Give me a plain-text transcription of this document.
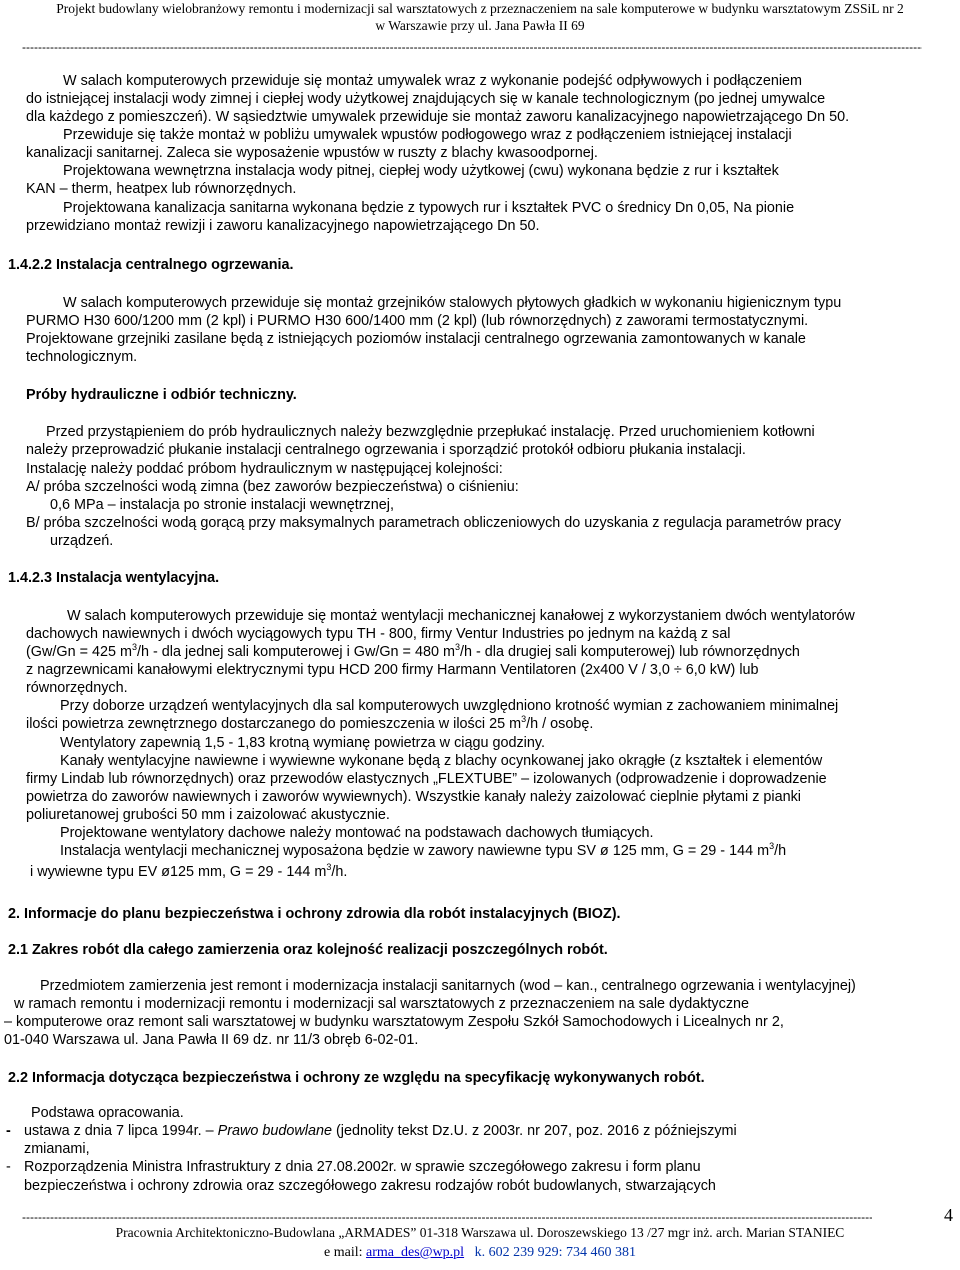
Projekt budowlany wielobranżowy remontu i modernizacji sal warsztatowych z przeznaczeniem na sale komputerowe w budynku warsztatowym ZSSiL nr 2
w Warszawie przy ul. Jana Pawła II 69
-----
W salach komputerowych przewiduje się montaż umywalek wraz z wykonanie podejść odpływowych i podłączeniem
do istniejącej instalacji wody zimnej i ciepłej wody użytkowej znajdujących się w kanale technologicznym (po jednej umywalce
dla każdego z pomieszczeń). W sąsiedztwie umywalek przewiduje sie montaż zaworu kanalizacyjnego napowietrzającego Dn 50.
Przewiduje się także montaż w pobliżu umywalek wpustów podłogowego wraz z podłączeniem istniejącej instalacji
kanalizacji sanitarnej. Zaleca sie wyposażenie wpustów w ruszty z blachy kwasoodpornej.
Projektowana wewnętrzna instalacja wody pitnej, ciepłej wody użytkowej (cwu) wykonana będzie z rur i kształtek
KAN – therm, heatpex lub równorzędnych.
Projektowana kanalizacja sanitarna wykonana będzie z typowych rur i kształtek PVC o średnicy Dn 0,05, Na pionie
przewidziano montaż rewizji i zaworu kanalizacyjnego napowietrzającego Dn 50.
1.4.2.2 Instalacja centralnego ogrzewania.
W salach komputerowych przewiduje się montaż grzejników stalowych płytowych gładkich w wykonaniu higienicznym typu
PURMO H30 600/1200 mm (2 kpl) i PURMO H30 600/1400 mm (2 kpl) (lub równorzędnych) z zaworami termostatycznymi.
Projektowane grzejniki zasilane będą z istniejących poziomów instalacji centralnego ogrzewania zamontowanych w kanale
technologicznym.
Próby hydrauliczne i odbiór techniczny.
Przed przystąpieniem do prób hydraulicznych należy bezwzględnie przepłukać instalację. Przed uruchomieniem kotłowni
należy przeprowadzić płukanie instalacji centralnego ogrzewania i sporządzić protokół odbioru płukania instalacji.
Instalację należy poddać próbom hydraulicznym w następującej kolejności:
A/ próba szczelności wodą zimna (bez zaworów bezpieczeństwa) o ciśnieniu:
0,6 MPa – instalacja po stronie instalacji wewnętrznej,
B/ próba szczelności wodą gorącą przy maksymalnych parametrach obliczeniowych do uzyskania z regulacja parametrów pracy
urządzeń.
1.4.2.3 Instalacja wentylacyjna.
W salach komputerowych przewiduje się montaż wentylacji mechanicznej kanałowej z wykorzystaniem dwóch wentylatorów
dachowych nawiewnych i dwóch wyciągowych typu TH - 800, firmy Ventur Industries po jednym na każdą z sal
(Gw/Gn = 425 $m^3/h$ - dla jednej sali komputerowej i Gw/Gn = 480 $m^3/h$ - dla drugiej sali komputerowej) lub równorzędnych
z nagrzewnicami kanałowymi elektrycznymi typu HCD 200 firmy Harmann Ventilatoren (2x400 V / 3,0 ÷ 6,0 kW) lub
równorzędnych.
Przy doborze urządzeń wentylacyjnych dla sal komputerowych uwzględniono krotność wymian z zachowaniem minimalnej
ilości powietrza zewnętrznego dostarczanego do pomieszczenia w ilości 25 $m^3/h$ / osobę.
Wentylatory zapewnią 1,5 - 1,83 krotną wymianę powietrza w ciągu godziny.
Kanały wentylacyjne nawiewne i wywiewne wykonane będą z blachy ocynkowanej jako okrągłe (z kształtek i elementów
firmy Lindab lub równorzędnych) oraz przewodów elastycznych „FLEXTUBE” – izolowanych (odprowadzenie i doprowadzenie
powietrza do zaworów nawiewnych i zaworów wywiewnych). Wszystkie kanały należy zaizolować cieplnie płytami z pianki
poliuretanowej grubości 50 mm i zaizolować akustycznie.
Projektowane wentylatory dachowe należy montować na podstawach dachowych tłumiących.
Instalacja wentylacji mechanicznej wyposażona będzie w zawory nawiewne typu SV ø 125 mm, G = 29 - 144 $m^3/h$
i wywiewne typu EV ø125 mm, G = 29 - 144 $m^3/h$.
2. Informacje do planu bezpieczeństwa i ochrony zdrowia dla robót instalacyjnych (BIOZ).
2.1 Zakres robót dla całego zamierzenia oraz kolejność realizacji poszczególnych robót.
Przedmiotem zamierzenia jest remont i modernizacja instalacji sanitarnych (wod – kan., centralnego ogrzewania i wentylacyjnej)
w ramach remontu i modernizacji remontu i modernizacji sal warsztatowych z przeznaczeniem na sale dydaktyczne
– komputerowe oraz remont sali warsztatowej w budynku warsztatowym Zespołu Szkół Samochodowych i Licealnych nr 2,
01-040 Warszawa ul. Jana Pawła II 69 dz. nr 11/3 obręb 6-02-01.
2.2 Informacja dotycząca bezpieczeństwa i ochrony ze względu na specyfikację wykonywanych robót.
Podstawa opracowania.
- ustawa z dnia 7 lipca 1994r. – Prawo budowlane (jednolity tekst Dz.U. z 2003r. nr 207, poz. 2016 z późniejszymi
zmianami,
- Rozporządzenia Ministra Infrastruktury z dnia 27.08.2002r. w sprawie szczegółowego zakresu i form planu
bezpieczeństwa i ochrony zdrowia oraz szczegółowego zakresu rodzajów robót budowlanych, stwarzających
-----
4
Pracownia Architektoniczno-Budowlana „ARMADES” 01-318 Warszawa ul. Doroszewskiego 13 /27 mgr inż. arch. Marian STANIEC
e mail: arma_des@wp.pl k. 602 239 929: 734 460 381
